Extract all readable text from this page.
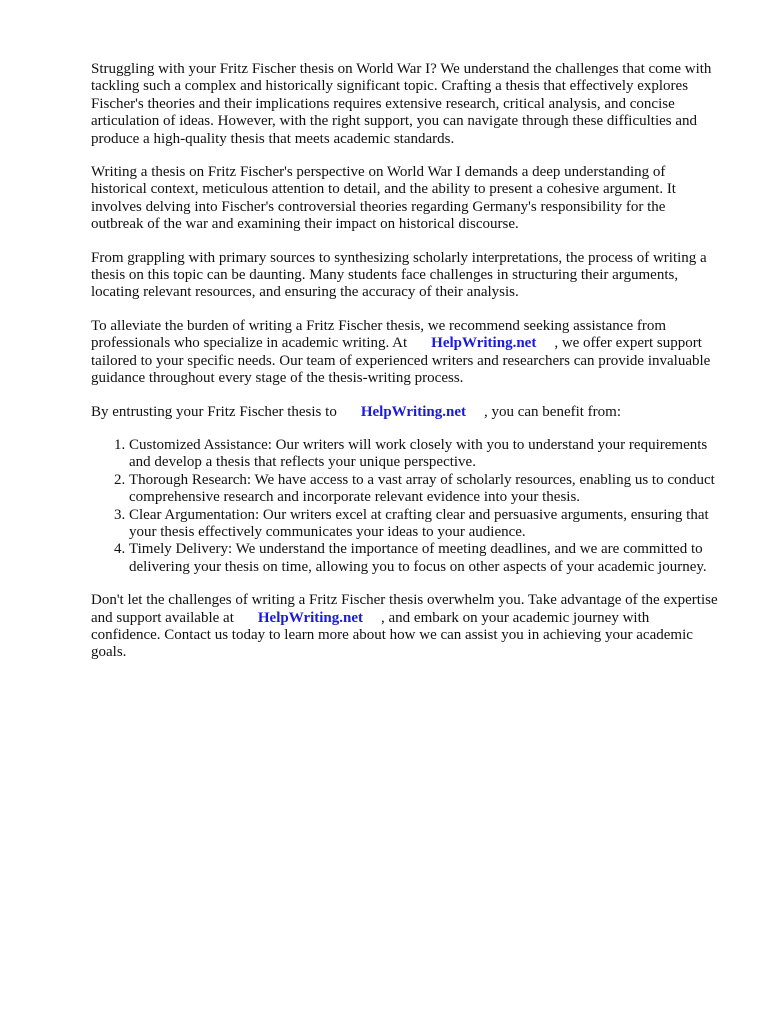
Struggling with your Fritz Fischer thesis on World War I? We understand the challenges that come with tackling such a complex and historically significant topic. Crafting a thesis that effectively explores Fischer's theories and their implications requires extensive research, critical analysis, and concise articulation of ideas. However, with the right support, you can navigate through these difficulties and produce a high-quality thesis that meets academic standards.

Writing a thesis on Fritz Fischer's perspective on World War I demands a deep understanding of historical context, meticulous attention to detail, and the ability to present a cohesive argument. It involves delving into Fischer's controversial theories regarding Germany's responsibility for the outbreak of the war and examining their impact on historical discourse.

From grappling with primary sources to synthesizing scholarly interpretations, the process of writing a thesis on this topic can be daunting. Many students face challenges in structuring their arguments, locating relevant resources, and ensuring the accuracy of their analysis.

To alleviate the burden of writing a Fritz Fischer thesis, we recommend seeking assistance from professionals who specialize in academic writing. At HelpWriting.net , we offer expert support tailored to your specific needs. Our team of experienced writers and researchers can provide invaluable guidance throughout every stage of the thesis-writing process.

By entrusting your Fritz Fischer thesis to HelpWriting.net , you can benefit from:

1. Customized Assistance: Our writers will work closely with you to understand your requirements and develop a thesis that reflects your unique perspective.
2. Thorough Research: We have access to a vast array of scholarly resources, enabling us to conduct comprehensive research and incorporate relevant evidence into your thesis.
3. Clear Argumentation: Our writers excel at crafting clear and persuasive arguments, ensuring that your thesis effectively communicates your ideas to your audience.
4. Timely Delivery: We understand the importance of meeting deadlines, and we are committed to delivering your thesis on time, allowing you to focus on other aspects of your academic journey.

Don't let the challenges of writing a Fritz Fischer thesis overwhelm you. Take advantage of the expertise and support available at HelpWriting.net , and embark on your academic journey with confidence. Contact us today to learn more about how we can assist you in achieving your academic goals.
